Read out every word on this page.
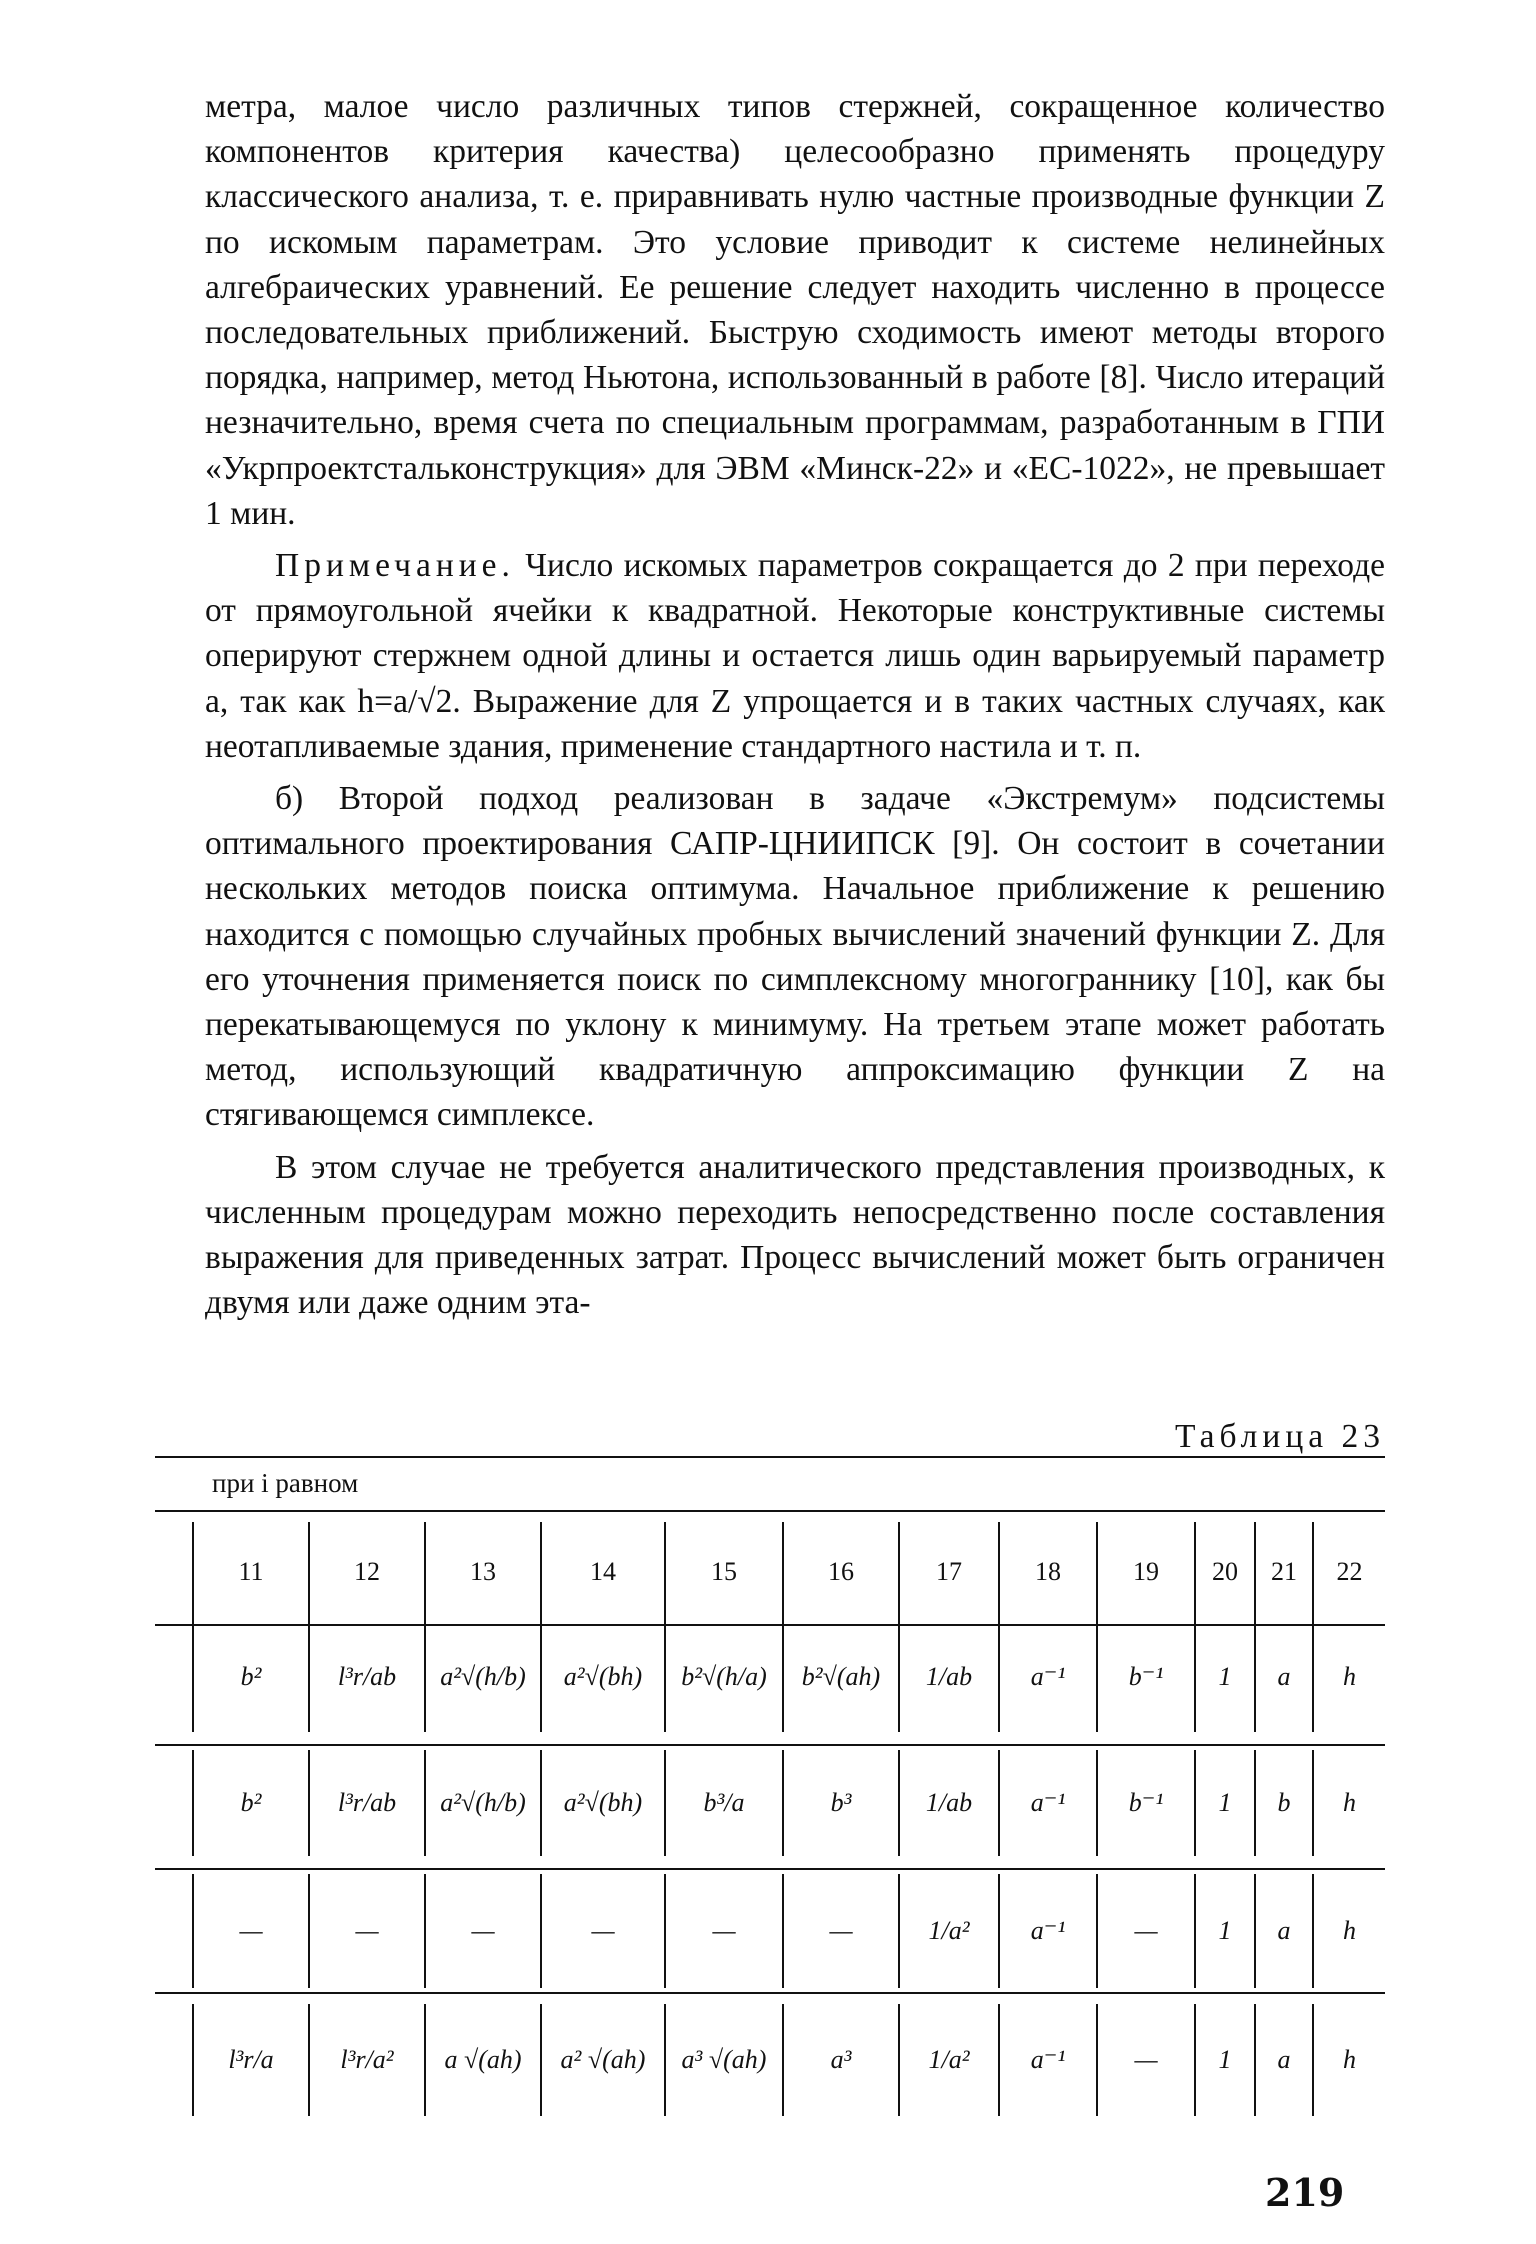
метра, малое число различных типов стержней, сокращенное количество компонентов критерия качества) целесообразно применять процедуру классического анализа, т. е. приравнивать нулю частные производные функции Z по искомым параметрам. Это условие приводит к системе нелинейных алгебраических уравнений. Ее решение следует находить численно в процессе последовательных приближений. Быструю сходимость имеют методы второго порядка, например, метод Ньютона, использованный в работе [8]. Число итераций незначительно, время счета по специальным программам, разработанным в ГПИ «Укрпроектстальконструкция» для ЭВМ «Минск-22» и «ЕС-1022», не превышает 1 мин.

Примечание. Число искомых параметров сокращается до 2 при переходе от прямоугольной ячейки к квадратной. Некоторые конструктивные системы оперируют стержнем одной длины и остается лишь один варьируемый параметр a, так как h=a/√2. Выражение для Z упрощается и в таких частных случаях, как неотапливаемые здания, применение стандартного настила и т. п.

б) Второй подход реализован в задаче «Экстремум» подсистемы оптимального проектирования САПР-ЦНИИПСК [9]. Он состоит в сочетании нескольких методов поиска оптимума. Начальное приближение к решению находится с помощью случайных пробных вычислений значений функции Z. Для его уточнения применяется поиск по симплексному многограннику [10], как бы перекатывающемуся по уклону к минимуму. На третьем этапе может работать метод, использующий квадратичную аппроксимацию функции Z на стягивающемся симплексе.

В этом случае не требуется аналитического представления производных, к численным процедурам можно переходить непосредственно после составления выражения для приведенных затрат. Процесс вычислений может быть ограничен двумя или даже одним эта-

Таблица 23
при i равном
11	12	13	14	15	16	17	18	19	20	21	22
b²	l³r/ab	a²√(h/b)	a²√(bh)	b²√(h/a)	b²√(ah)	1/ab	a⁻¹	b⁻¹	1	a	h
b²	l³r/ab	a²√(h/b)	a²√(bh)	b³/a	b³	1/ab	a⁻¹	b⁻¹	1	b	h
—	—	—	—	—	—	1/a²	a⁻¹	—	1	a	h
l³r/a	l³r/a²	a √(ah)	a² √(ah)	a³ √(ah)	a³	1/a²	a⁻¹	—	1	a	h
219
